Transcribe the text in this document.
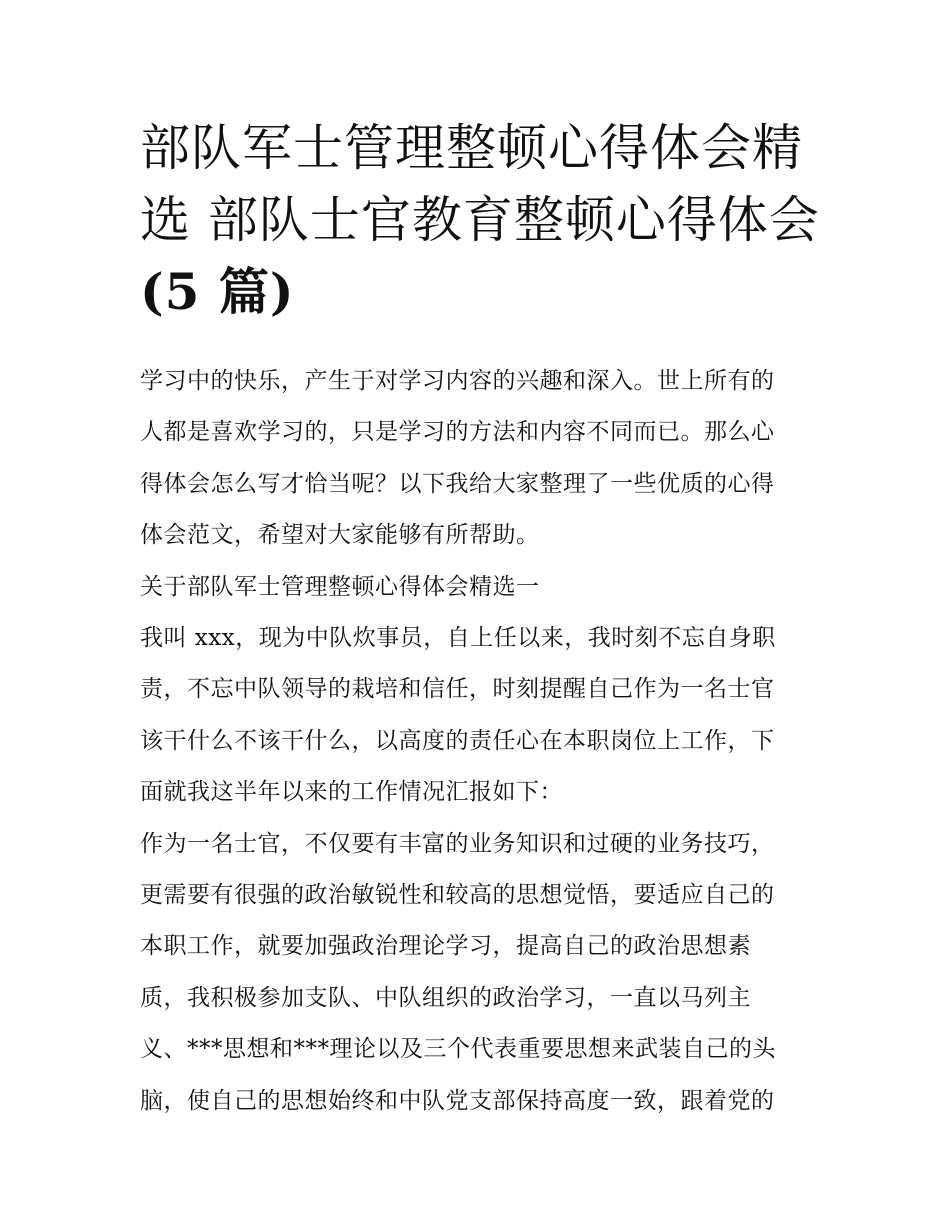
部队军士管理整顿心得体会精
选 部队士官教育整顿心得体会
(5 篇)
学习中的快乐，产生于对学习内容的兴趣和深入。世上所有的
人都是喜欢学习的，只是学习的方法和内容不同而已。那么心
得体会怎么写才恰当呢？以下我给大家整理了一些优质的心得
体会范文，希望对大家能够有所帮助。
关于部队军士管理整顿心得体会精选一
我叫 xxx，现为中队炊事员，自上任以来，我时刻不忘自身职
责，不忘中队领导的栽培和信任，时刻提醒自己作为一名士官
该干什么不该干什么，以高度的责任心在本职岗位上工作，下
面就我这半年以来的工作情况汇报如下：
作为一名士官，不仅要有丰富的业务知识和过硬的业务技巧，
更需要有很强的政治敏锐性和较高的思想觉悟，要适应自己的
本职工作，就要加强政治理论学习，提高自己的政治思想素
质，我积极参加支队、中队组织的政治学习，一直以马列主
义、***思想和***理论以及三个代表重要思想来武装自己的头
脑，使自己的思想始终和中队党支部保持高度一致，跟着党的
